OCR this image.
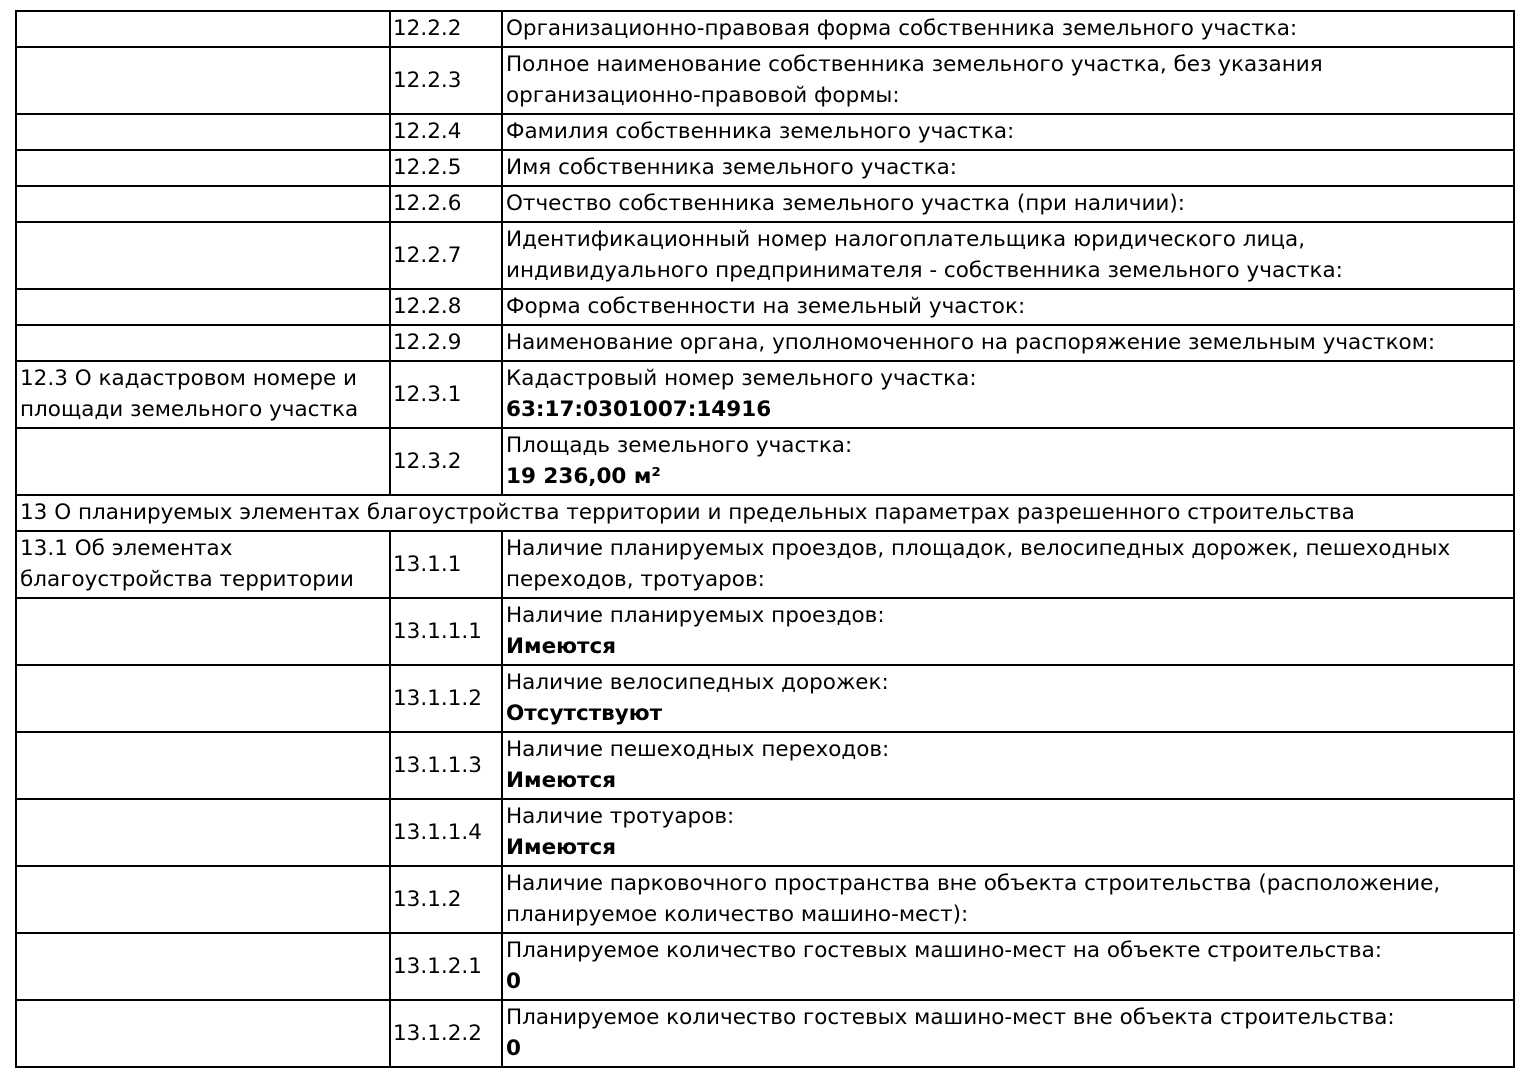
	12.2.2	Организационно-правовая форма собственника земельного участка:

	12.2.3	Полное наименование собственника земельного участка, без указания организационно-правовой формы:

	12.2.4	Фамилия собственника земельного участка:

	12.2.5	Имя собственника земельного участка:

	12.2.6	Отчество собственника земельного участка (при наличии):

	12.2.7	Идентификационный номер налогоплательщика юридического лица, индивидуального предпринимателя - собственника земельного участка:

	12.2.8	Форма собственности на земельный участок:

	12.2.9	Наименование органа, уполномоченного на распоряжение земельным участком:

12.3 О кадастровом номере и площади земельного участка	12.3.1	Кадастровый номер земельного участка:
63:17:0301007:14916

	12.3.2	Площадь земельного участка:
19 236,00 м²

13 О планируемых элементах благоустройства территории и предельных параметрах разрешенного строительства		
13.1 Об элементах благоустройства территории	13.1.1	Наличие планируемых проездов, площадок, велосипедных дорожек, пешеходных переходов, тротуаров:

	13.1.1.1	Наличие планируемых проездов:
Имеются

	13.1.1.2	Наличие велосипедных дорожек:
Отсутствуют

	13.1.1.3	Наличие пешеходных переходов:
Имеются

	13.1.1.4	Наличие тротуаров:
Имеются

	13.1.2	Наличие парковочного пространства вне объекта строительства (расположение, планируемое количество машино-мест):

	13.1.2.1	Планируемое количество гостевых машино-мест на объекте строительства:
0

	13.1.2.2	Планируемое количество гостевых машино-мест вне объекта строительства:
0
